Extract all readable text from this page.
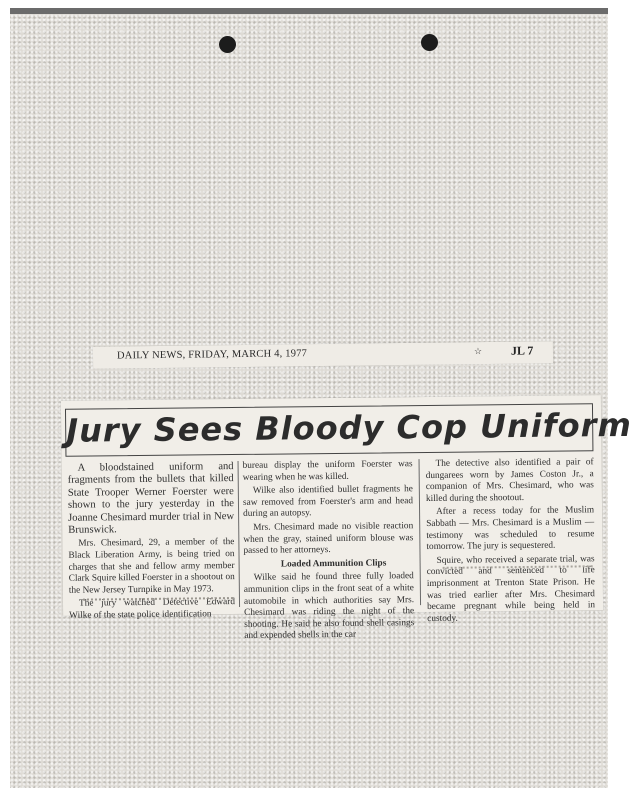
DAILY NEWS, FRIDAY, MARCH 4, 1977	☆ JL 7
Jury Sees Bloody Cop Uniform

A bloodstained uniform and fragments from the bullets that killed State Trooper Werner Foerster were shown to the jury yesterday in the Joanne Chesimard murder trial in New Brunswick.

Mrs. Chesimard, 29, a member of the Black Liberation Army, is being tried on charges that she and fellow army member Clark Squire killed Foerster in a shootout on the New Jersey Turnpike in May 1973.

The jury watched Detective Edward Wilke of the state police identification

bureau display the uniform Foerster was wearing when he was killed.

Wilke also identified bullet fragments he saw removed from Foerster's arm and head during an autopsy.

Mrs. Chesimard made no visible reaction when the gray, stained uniform blouse was passed to her attorneys.

Loaded Ammunition Clips

Wilke said he found three fully loaded ammunition clips in the front seat of a white automobile in which authorities say Mrs. Chesimard was riding the night of the shooting. He said he also found shell casings and expended shells in the car

The detective also identified a pair of dungarees worn by James Coston Jr., a companion of Mrs. Chesimard, who was killed during the shootout.

After a recess today for the Muslim Sabbath — Mrs. Chesimard is a Muslim — testimony was scheduled to resume tomorrow. The jury is sequestered.

Squire, who received a separate trial, was convicted and sentenced to life imprisonment at Trenton State Prison. He was tried earlier after Mrs. Chesimard became pregnant while being held in custody.
